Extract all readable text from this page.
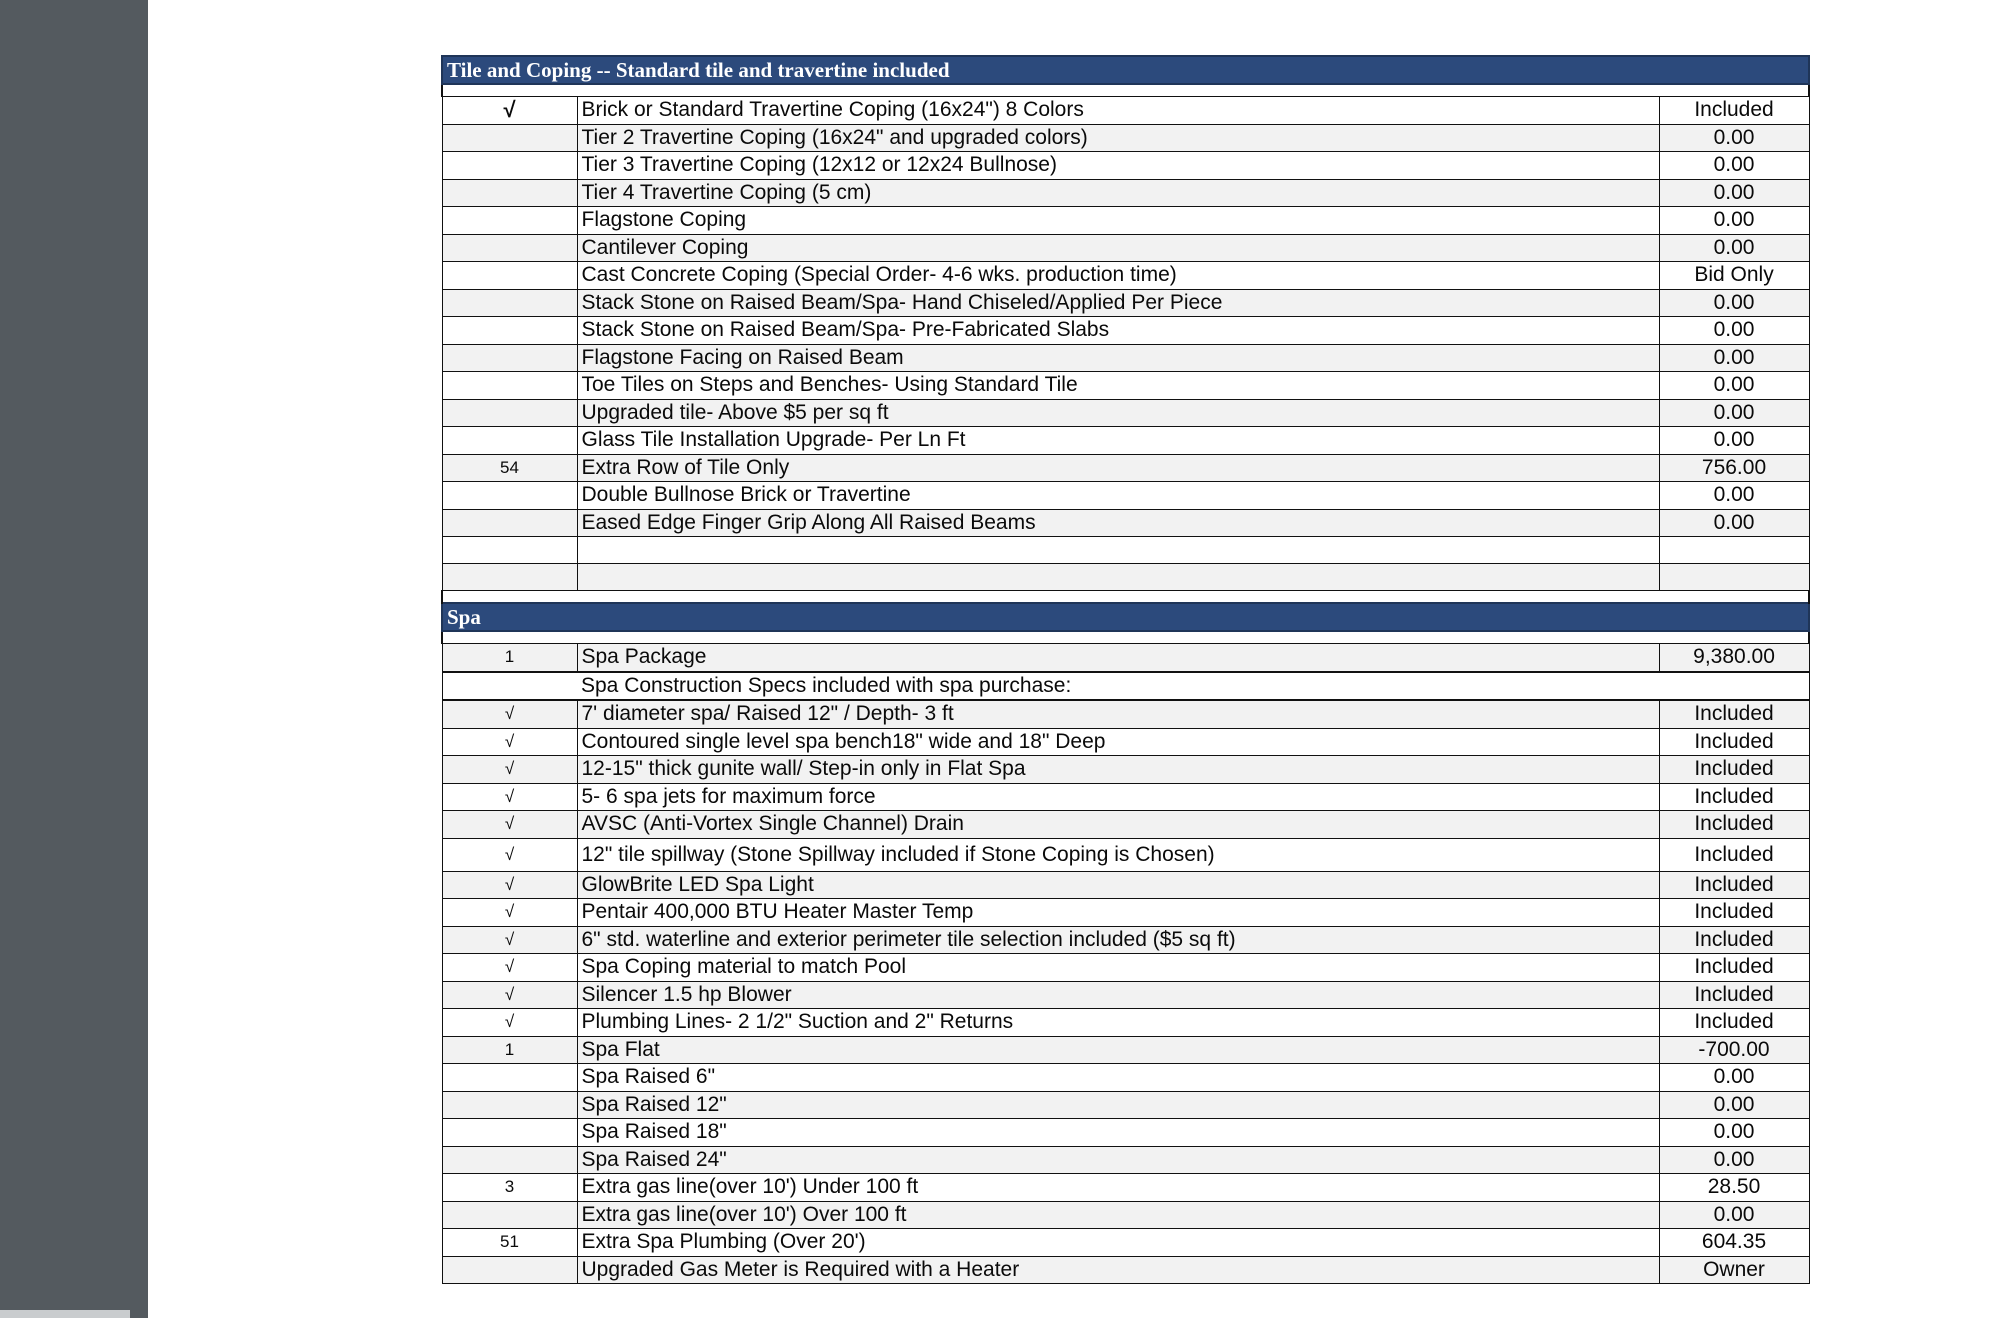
Tile and Coping -- Standard tile and travertine included		

√	Brick or Standard Travertine Coping (16x24") 8 Colors	Included
	Tier 2 Travertine Coping (16x24" and upgraded colors)	0.00
	Tier 3 Travertine Coping (12x12 or 12x24 Bullnose)	0.00
	Tier 4 Travertine Coping (5 cm)	0.00
	Flagstone Coping	0.00
	Cantilever Coping	0.00
	Cast Concrete Coping (Special Order- 4-6 wks. production time)	Bid Only
	Stack Stone on Raised Beam/Spa- Hand Chiseled/Applied Per Piece	0.00
	Stack Stone on Raised Beam/Spa- Pre-Fabricated Slabs	0.00
	Flagstone Facing on Raised Beam	0.00
	Toe Tiles on Steps and Benches- Using Standard Tile	0.00
	Upgraded tile- Above $5 per sq ft	0.00
	Glass Tile Installation Upgrade- Per Ln Ft	0.00
54	Extra Row of Tile Only	756.00
	Double Bullnose Brick or Travertine	0.00
	Eased Edge Finger Grip Along All Raised Beams	0.00

Spa		

1	Spa Package	9,380.00
	Spa Construction Specs included with spa purchase:	
√	7' diameter spa/ Raised 12" / Depth- 3 ft	Included
√	Contoured single level spa bench18" wide and 18" Deep	Included
√	12-15" thick gunite wall/ Step-in only in Flat Spa	Included
√	5- 6 spa jets for maximum force	Included
√	AVSC (Anti-Vortex Single Channel) Drain	Included
√	12" tile spillway (Stone Spillway included if Stone Coping is Chosen)	Included
√	GlowBrite LED Spa Light	Included
√	Pentair 400,000 BTU Heater Master Temp	Included
√	6" std. waterline and exterior perimeter tile selection included ($5 sq ft)	Included
√	Spa Coping material to match Pool	Included
√	Silencer 1.5 hp Blower	Included
√	Plumbing Lines- 2 1/2" Suction and 2" Returns	Included
1	Spa Flat	-700.00
	Spa Raised 6"	0.00
	Spa Raised 12"	0.00
	Spa Raised 18"	0.00
	Spa Raised 24"	0.00
3	Extra gas line(over 10') Under 100 ft	28.50
	Extra gas line(over 10') Over 100 ft	0.00
51	Extra Spa Plumbing (Over 20')	604.35
	Upgraded Gas Meter is Required with a Heater	Owner
